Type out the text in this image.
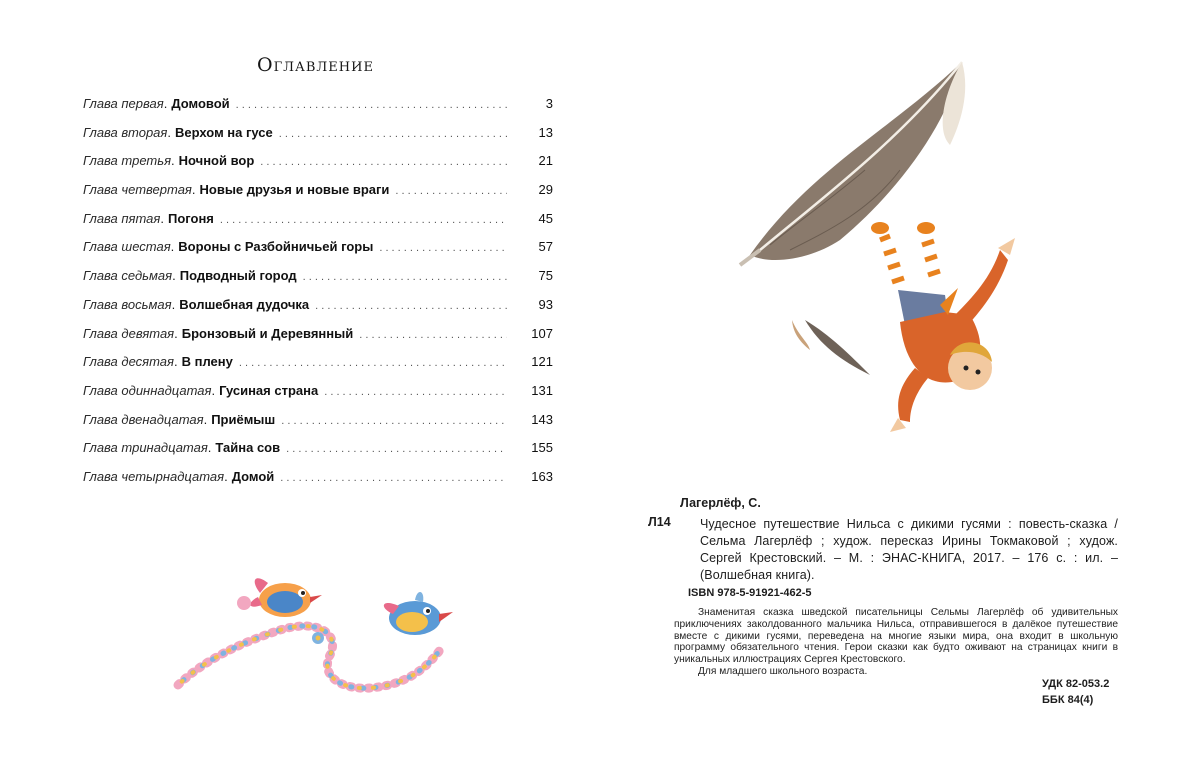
Оглавление
Глава первая . Домовой . . .	3
Глава вторая . Верхом на гусе . . .	13
Глава третья . Ночной вор . . .	21
Глава четвертая . Новые друзья и новые враги . . .	29
Глава пятая . Погоня . . .	45
Глава шестая . Вороны с Разбойничьей горы . . .	57
Глава седьмая . Подводный город . . .	75
Глава восьмая . Волшебная дудочка . . .	93
Глава девятая . Бронзовый и Деревянный . . .	107
Глава десятая . В плену . . .	121
Глава одиннадцатая . Гусиная страна . . .	131
Глава двенадцатая . Приёмыш . . .	143
Глава тринадцатая . Тайна сов . . .	155
Глава четырнадцатая . Домой . . .	163
Лагерлёф, С.
Л14 Чудесное путешествие Нильса с дикими гусями : повесть-сказка / Сельма Лагерлёф ; худож. пересказ Ирины Токмаковой ; худож. Сергей Крестовский. – М. : ЭНАС-КНИГА, 2017. – 176 с. : ил. – (Волшебная книга).
ISBN 978-5-91921-462-5
Знаменитая сказка шведской писательницы Сельмы Лагерлёф об удивительных приключениях заколдованного мальчика Нильса, отправившегося в далёкое путешествие вместе с дикими гусями, переведена на многие языки мира, она входит в школьную программу обязательного чтения. Герои сказки как будто оживают на страницах книги в уникальных иллюстрациях Сергея Крестовского.
Для младшего школьного возраста.
УДК 82-053.2
ББК 84(4)
